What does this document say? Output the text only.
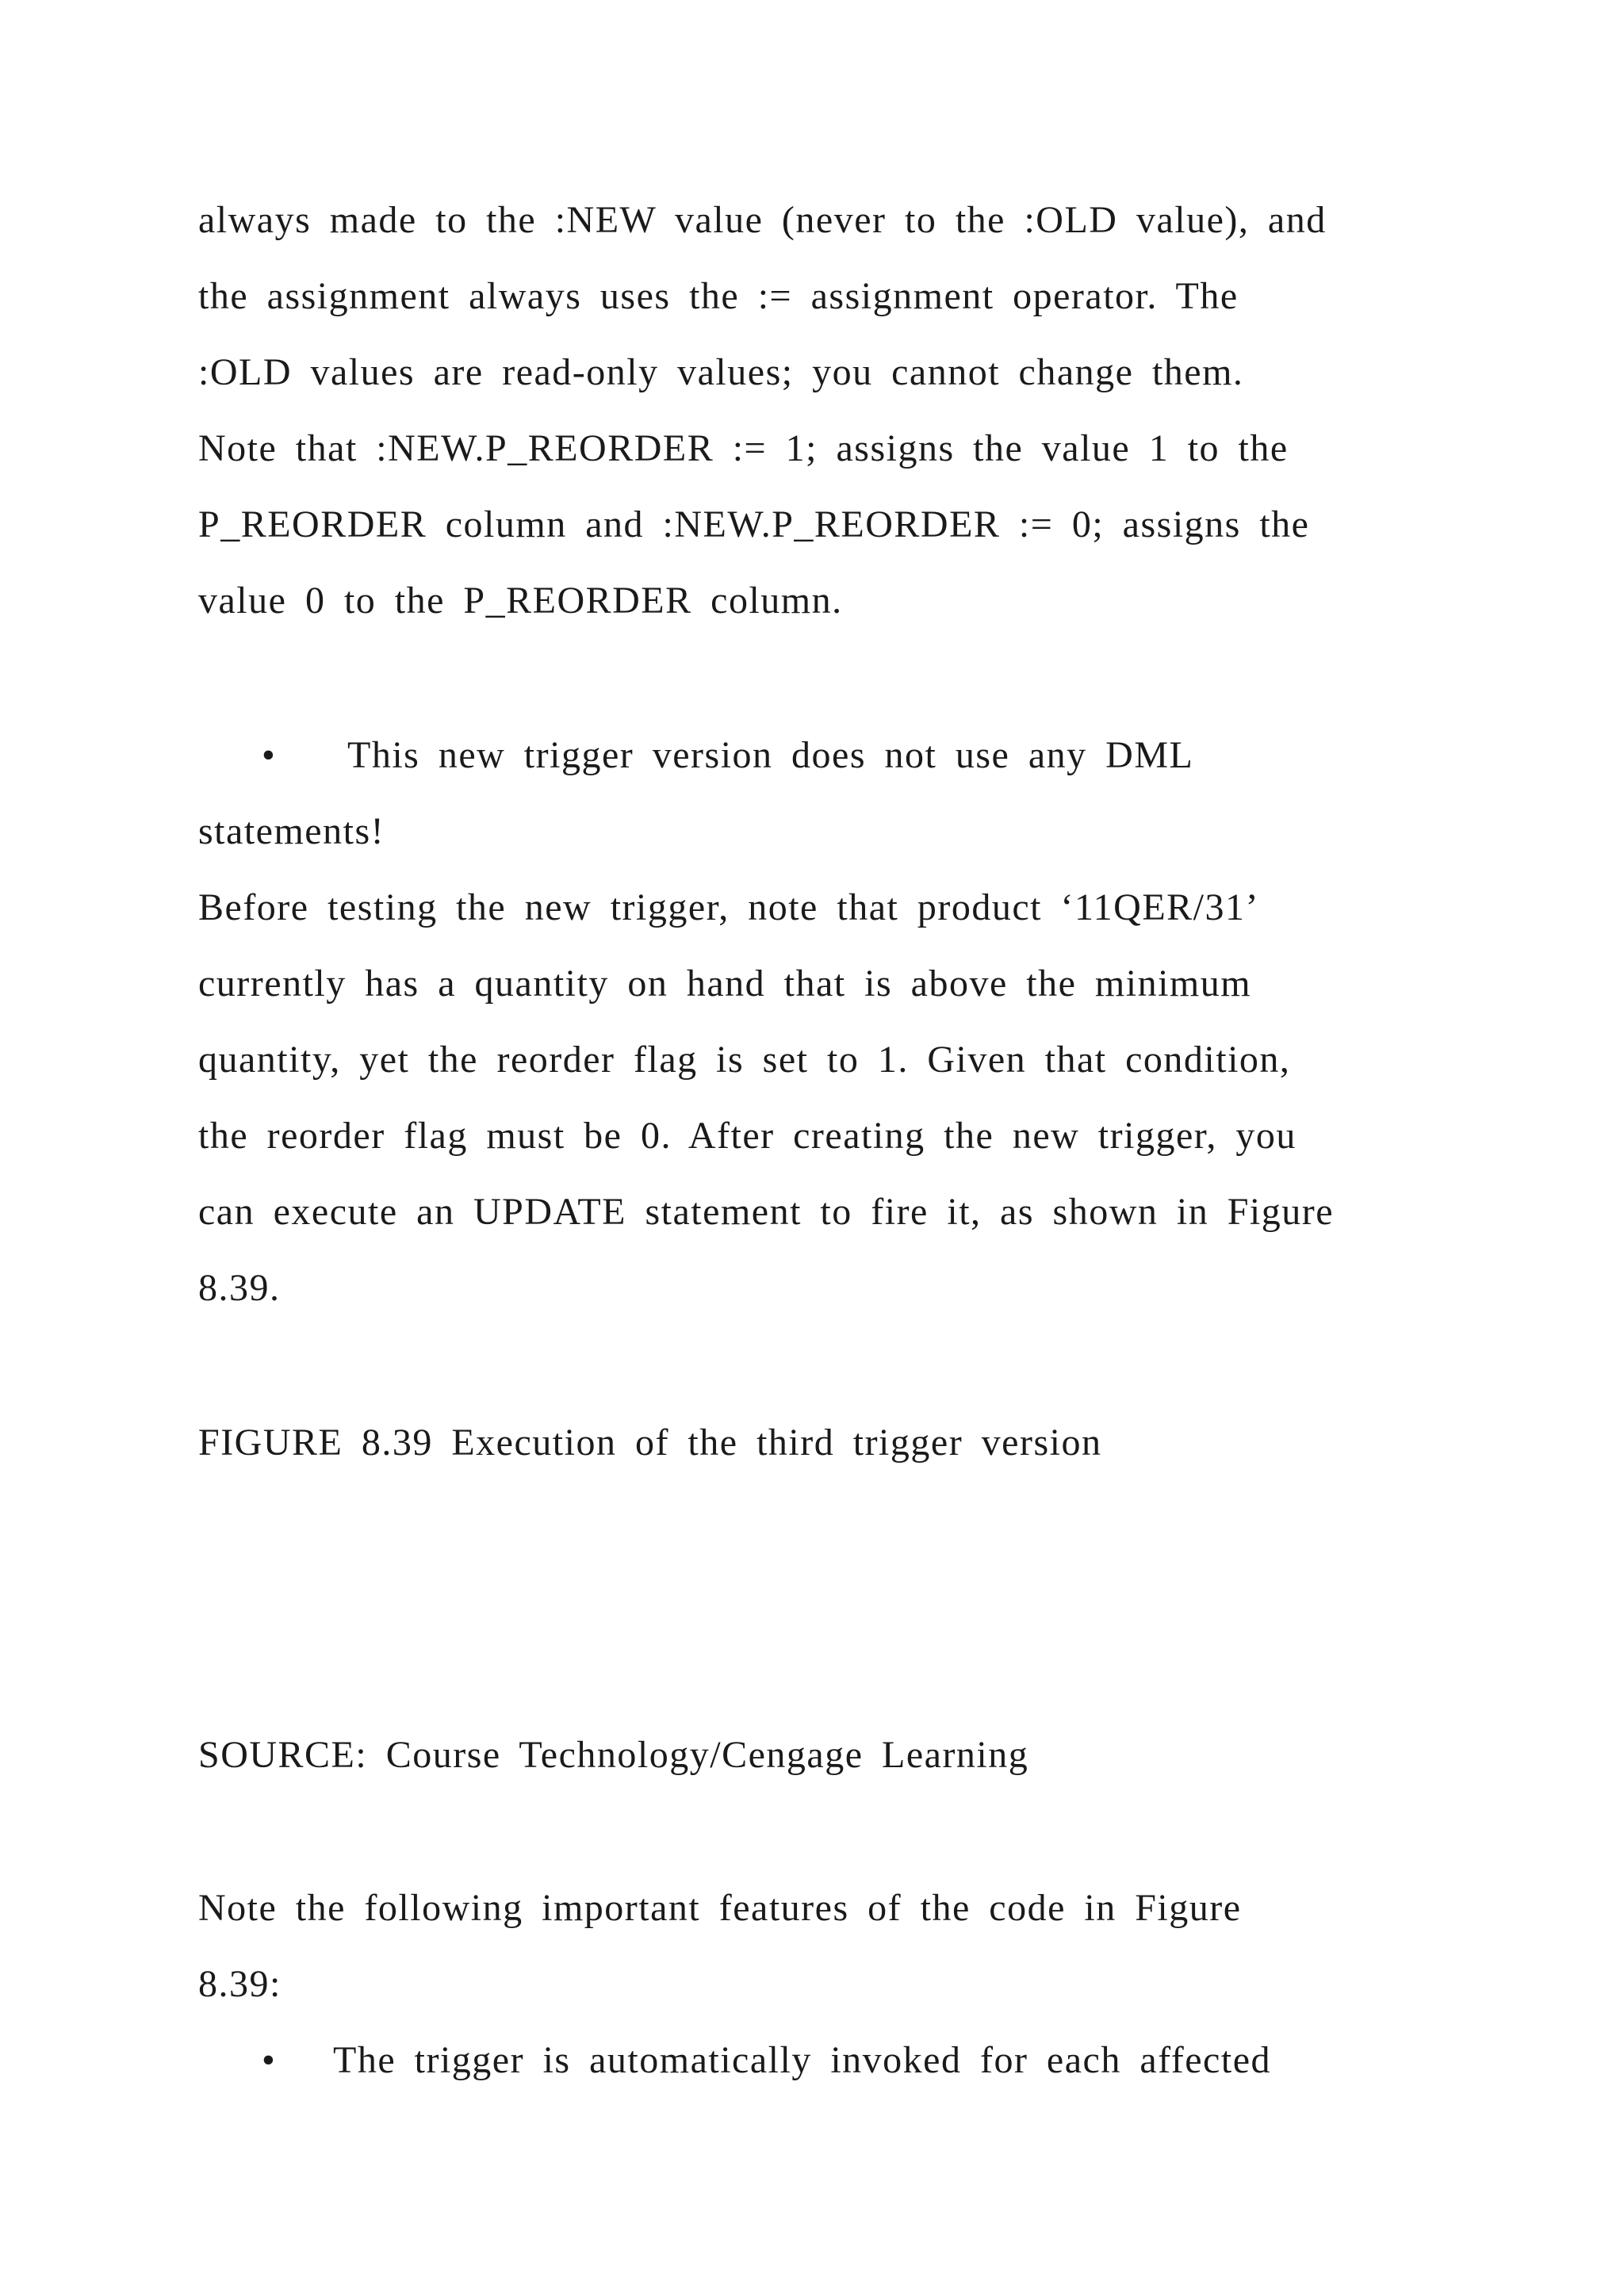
always made to the :NEW value (never to the :OLD value), and
the assignment always uses the := assignment operator. The
:OLD values are read-only values; you cannot change them.
Note that :NEW.P_REORDER := 1; assigns the value 1 to the
P_REORDER column and :NEW.P_REORDER := 0; assigns the
value 0 to the P_REORDER column.
• This new trigger version does not use any DML
statements!
Before testing the new trigger, note that product ‘11QER/31’
currently has a quantity on hand that is above the minimum
quantity, yet the reorder flag is set to 1. Given that condition,
the reorder flag must be 0. After creating the new trigger, you
can execute an UPDATE statement to fire it, as shown in Figure
8.39.
FIGURE 8.39 Execution of the third trigger version
SOURCE: Course Technology/Cengage Learning
Note the following important features of the code in Figure
8.39:
• The trigger is automatically invoked for each affected
